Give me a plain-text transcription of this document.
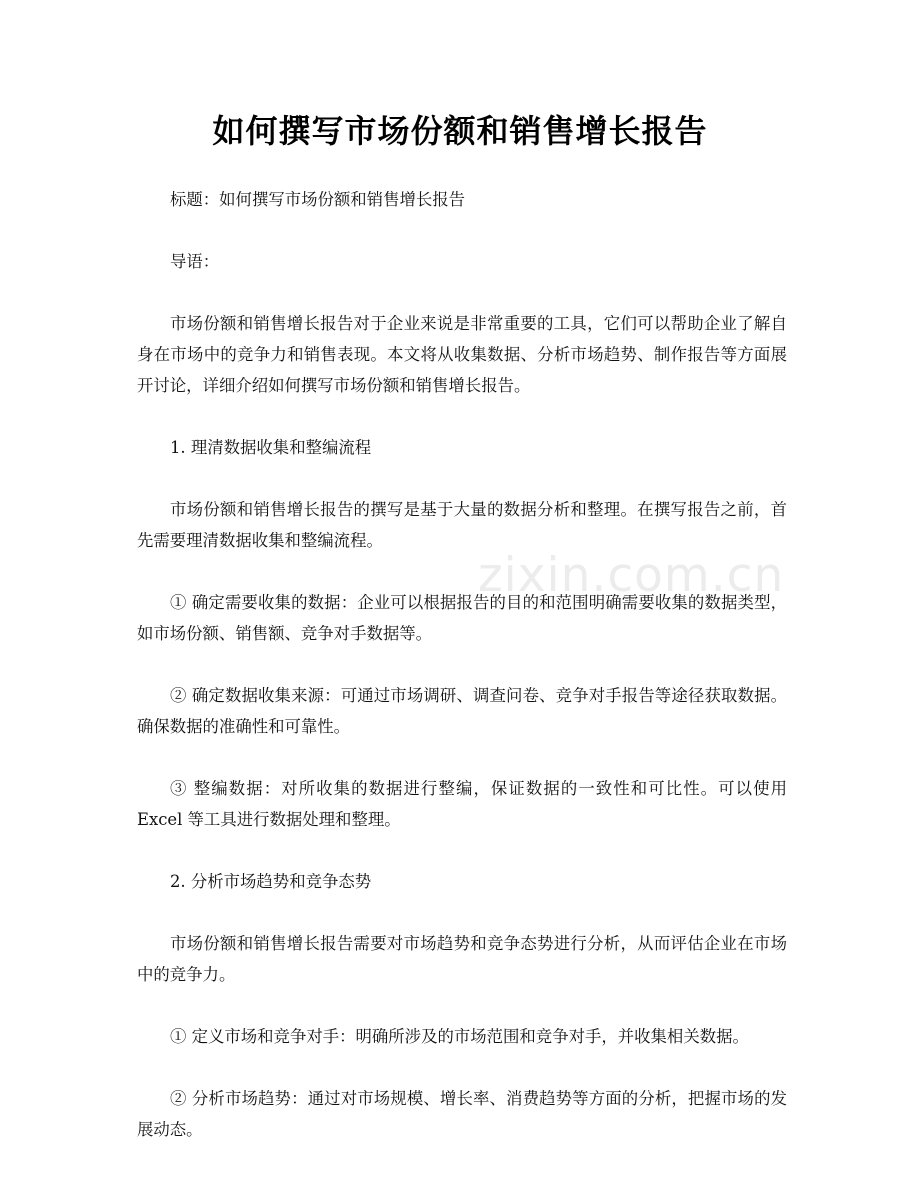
如何撰写市场份额和销售增长报告

标题：如何撰写市场份额和销售增长报告

导语：

市场份额和销售增长报告对于企业来说是非常重要的工具，它们可以帮助企业了解自身在市场中的竞争力和销售表现。本文将从收集数据、分析市场趋势、制作报告等方面展开讨论，详细介绍如何撰写市场份额和销售增长报告。

1. 理清数据收集和整编流程

市场份额和销售增长报告的撰写是基于大量的数据分析和整理。在撰写报告之前，首先需要理清数据收集和整编流程。

① 确定需要收集的数据：企业可以根据报告的目的和范围明确需要收集的数据类型，如市场份额、销售额、竞争对手数据等。

② 确定数据收集来源：可通过市场调研、调查问卷、竞争对手报告等途径获取数据。确保数据的准确性和可靠性。

③ 整编数据：对所收集的数据进行整编，保证数据的一致性和可比性。可以使用 Excel 等工具进行数据处理和整理。

2. 分析市场趋势和竞争态势

市场份额和销售增长报告需要对市场趋势和竞争态势进行分析，从而评估企业在市场中的竞争力。

① 定义市场和竞争对手：明确所涉及的市场范围和竞争对手，并收集相关数据。

② 分析市场趋势：通过对市场规模、增长率、消费趋势等方面的分析，把握市场的发展动态。

zixin.com.cn
